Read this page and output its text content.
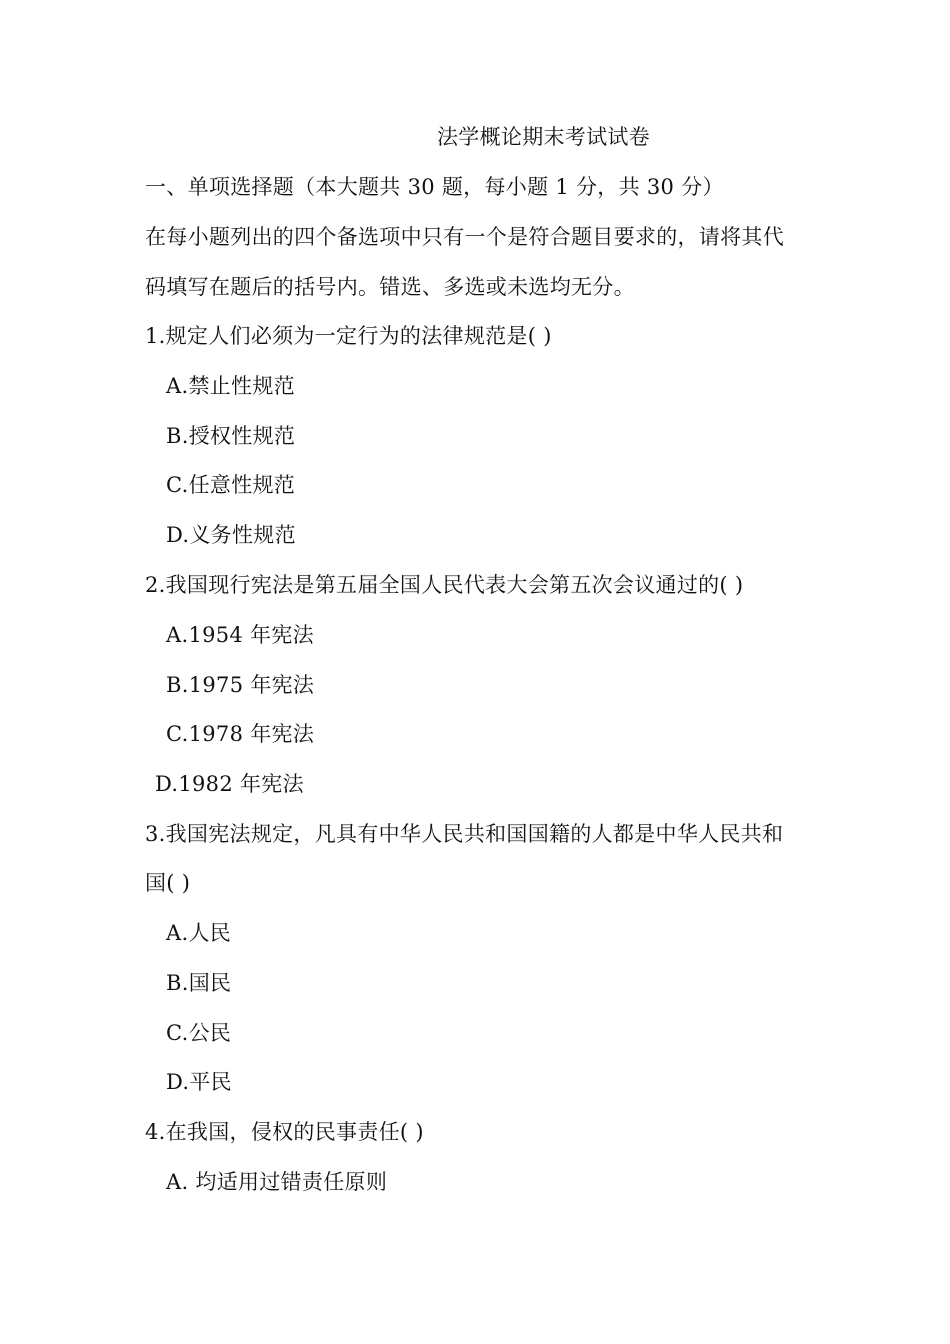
法学概论期末考试试卷
一、单项选择题（本大题共 30 题，每小题 1 分，共 30 分）
在每小题列出的四个备选项中只有一个是符合题目要求的，请将其代
码填写在题后的括号内。错选、多选或未选均无分。
1.规定人们必须为一定行为的法律规范是( )
A.禁止性规范
B.授权性规范
C.任意性规范
D.义务性规范
2.我国现行宪法是第五届全国人民代表大会第五次会议通过的( )
A.1954 年宪法
B.1975 年宪法
C.1978 年宪法
D.1982 年宪法
3.我国宪法规定，凡具有中华人民共和国国籍的人都是中华人民共和
国( )
A.人民
B.国民
C.公民
D.平民
4.在我国，侵权的民事责任( )
A. 均适用过错责任原则
